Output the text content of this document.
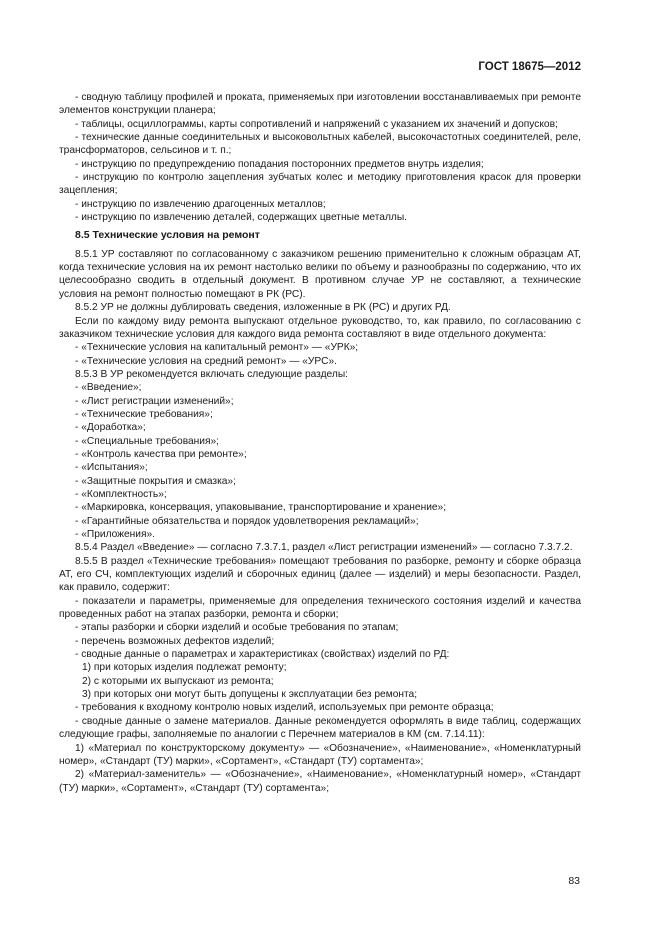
ГОСТ 18675—2012

- сводную таблицу профилей и проката, применяемых при изготовлении восстанавливаемых при ремонте элементов конструкции планера;

- таблицы, осциллограммы, карты сопротивлений и напряжений с указанием их значений и допусков;

- технические данные соединительных и высоковольтных кабелей, высокочастотных соединителей, реле, трансформаторов, сельсинов и т. п.;

- инструкцию по предупреждению попадания посторонних предметов внутрь изделия;

- инструкцию по контролю зацепления зубчатых колес и методику приготовления красок для проверки зацепления;

- инструкцию по извлечению драгоценных металлов;

- инструкцию по извлечению деталей, содержащих цветные металлы.

8.5 Технические условия на ремонт

8.5.1 УР составляют по согласованному с заказчиком решению применительно к сложным образцам АТ, когда технические условия на их ремонт настолько велики по объему и разнообразны по содержанию, что их целесообразно сводить в отдельный документ. В противном случае УР не составляют, а технические условия на ремонт полностью помещают в РК (РС).

8.5.2 УР не должны дублировать сведения, изложенные в РК (РС) и других РД.

Если по каждому виду ремонта выпускают отдельное руководство, то, как правило, по согласованию с заказчиком технические условия для каждого вида ремонта составляют в виде отдельного документа:

- «Технические условия на капитальный ремонт» — «УРК»;

- «Технические условия на средний ремонт» — «УРС».

8.5.3 В УР рекомендуется включать следующие разделы:

- «Введение»;

- «Лист регистрации изменений»;

- «Технические требования»;

- «Доработка»;

- «Специальные требования»;

- «Контроль качества при ремонте»;

- «Испытания»;

- «Защитные покрытия и смазка»;

- «Комплектность»;

- «Маркировка, консервация, упаковывание, транспортирование и хранение»;

- «Гарантийные обязательства и порядок удовлетворения рекламаций»;

- «Приложения».

8.5.4 Раздел «Введение» — согласно 7.3.7.1, раздел «Лист регистрации изменений» — согласно 7.3.7.2.

8.5.5 В раздел «Технические требования» помещают требования по разборке, ремонту и сборке образца АТ, его СЧ, комплектующих изделий и сборочных единиц (далее — изделий) и меры безопасности. Раздел, как правило, содержит:

- показатели и параметры, применяемые для определения технического состояния изделий и качества проведенных работ на этапах разборки, ремонта и сборки;

- этапы разборки и сборки изделий и особые требования по этапам;

- перечень возможных дефектов изделий;

- сводные данные о параметрах и характеристиках (свойствах) изделий по РД:

1) при которых изделия подлежат ремонту;

2) с которыми их выпускают из ремонта;

3) при которых они могут быть допущены к эксплуатации без ремонта;

- требования к входному контролю новых изделий, используемых при ремонте образца;

- сводные данные о замене материалов. Данные рекомендуется оформлять в виде таблиц, содержащих следующие графы, заполняемые по аналогии с Перечнем материалов в КМ (см. 7.14.11):

1) «Материал по конструкторскому документу» — «Обозначение», «Наименование», «Номенклатурный номер», «Стандарт (ТУ) марки», «Сортамент», «Стандарт (ТУ) сортамента»;

2) «Материал-заменитель» — «Обозначение», «Наименование», «Номенклатурный номер», «Стандарт (ТУ) марки», «Сортамент», «Стандарт (ТУ) сортамента»;

83
